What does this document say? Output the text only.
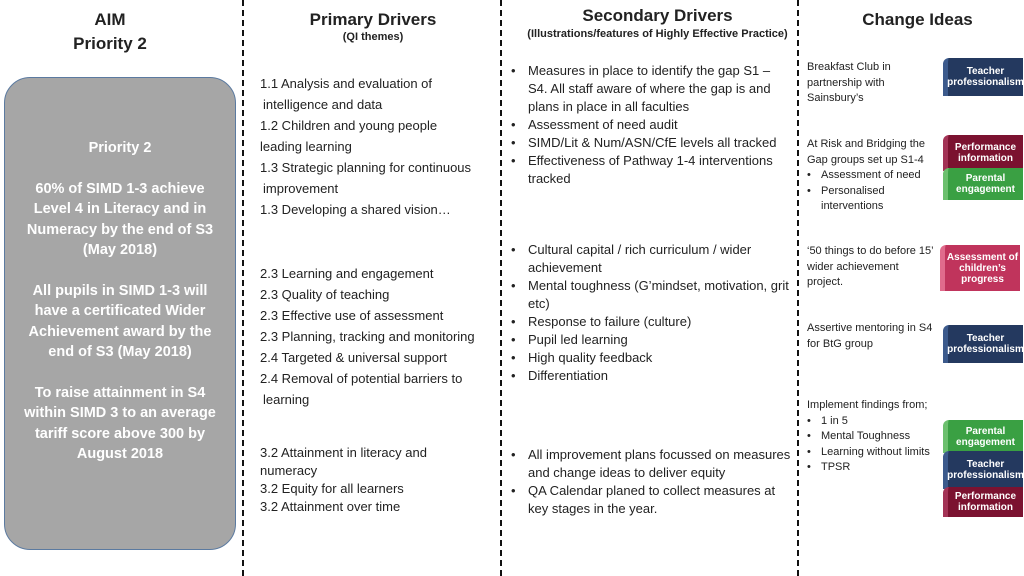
AIM
Priority 2
Primary Drivers
(QI themes)
Secondary Drivers
(Illustrations/features of Highly Effective Practice)
Change Ideas

Priority 2

60% of SIMD 1-3 achieve Level 4 in Literacy and in Numeracy by the end of S3 (May 2018)

All pupils in SIMD 1-3 will have a certificated Wider Achievement award by the end of S3 (May 2018)

To raise attainment in S4 within SIMD 3 to an average tariff score above 300 by August 2018

1.1 Analysis and evaluation of
intelligence and data
1.2 Children and young people
leading learning
1.3 Strategic planning for continuous
improvement
1.3 Developing a shared vision…
2.3 Learning and engagement
2.3 Quality of teaching
2.3 Effective use of assessment
2.3 Planning, tracking and monitoring
2.4 Targeted & universal support
2.4 Removal of potential barriers to
learning
3.2 Attainment in literacy and
numeracy
3.2 Equity for all learners
3.2 Attainment over time
• Measures in place to identify the gap S1 – S4. All staff aware of where the gap is and plans in place in all faculties
• Assessment of need audit
• SIMD/Lit & Num/ASN/CfE levels all tracked
• Effectiveness of Pathway 1-4 interventions tracked
• Cultural capital / rich curriculum / wider achievement
• Mental toughness (G’mindset, motivation, grit etc)
• Response to failure (culture)
• Pupil led learning
• High quality feedback
• Differentiation
• All improvement plans focussed on measures and change ideas to deliver equity
• QA Calendar planed to collect measures at key stages in the year.
Breakfast Club in partnership with Sainsbury’s
At Risk and Bridging the Gap groups set up S1-4
• Assessment of need
• Personalised interventions
‘50 things to do before 15’ wider achievement project.
Assertive mentoring in S4 for BtG group
Implement findings from;
• 1 in 5
• Mental Toughness
• Learning without limits
• TPSR
Teacher professionalism
Performance information
Parental engagement
Assessment of children’s progress
Teacher professionalism
Parental engagement
Teacher professionalism
Performance information
